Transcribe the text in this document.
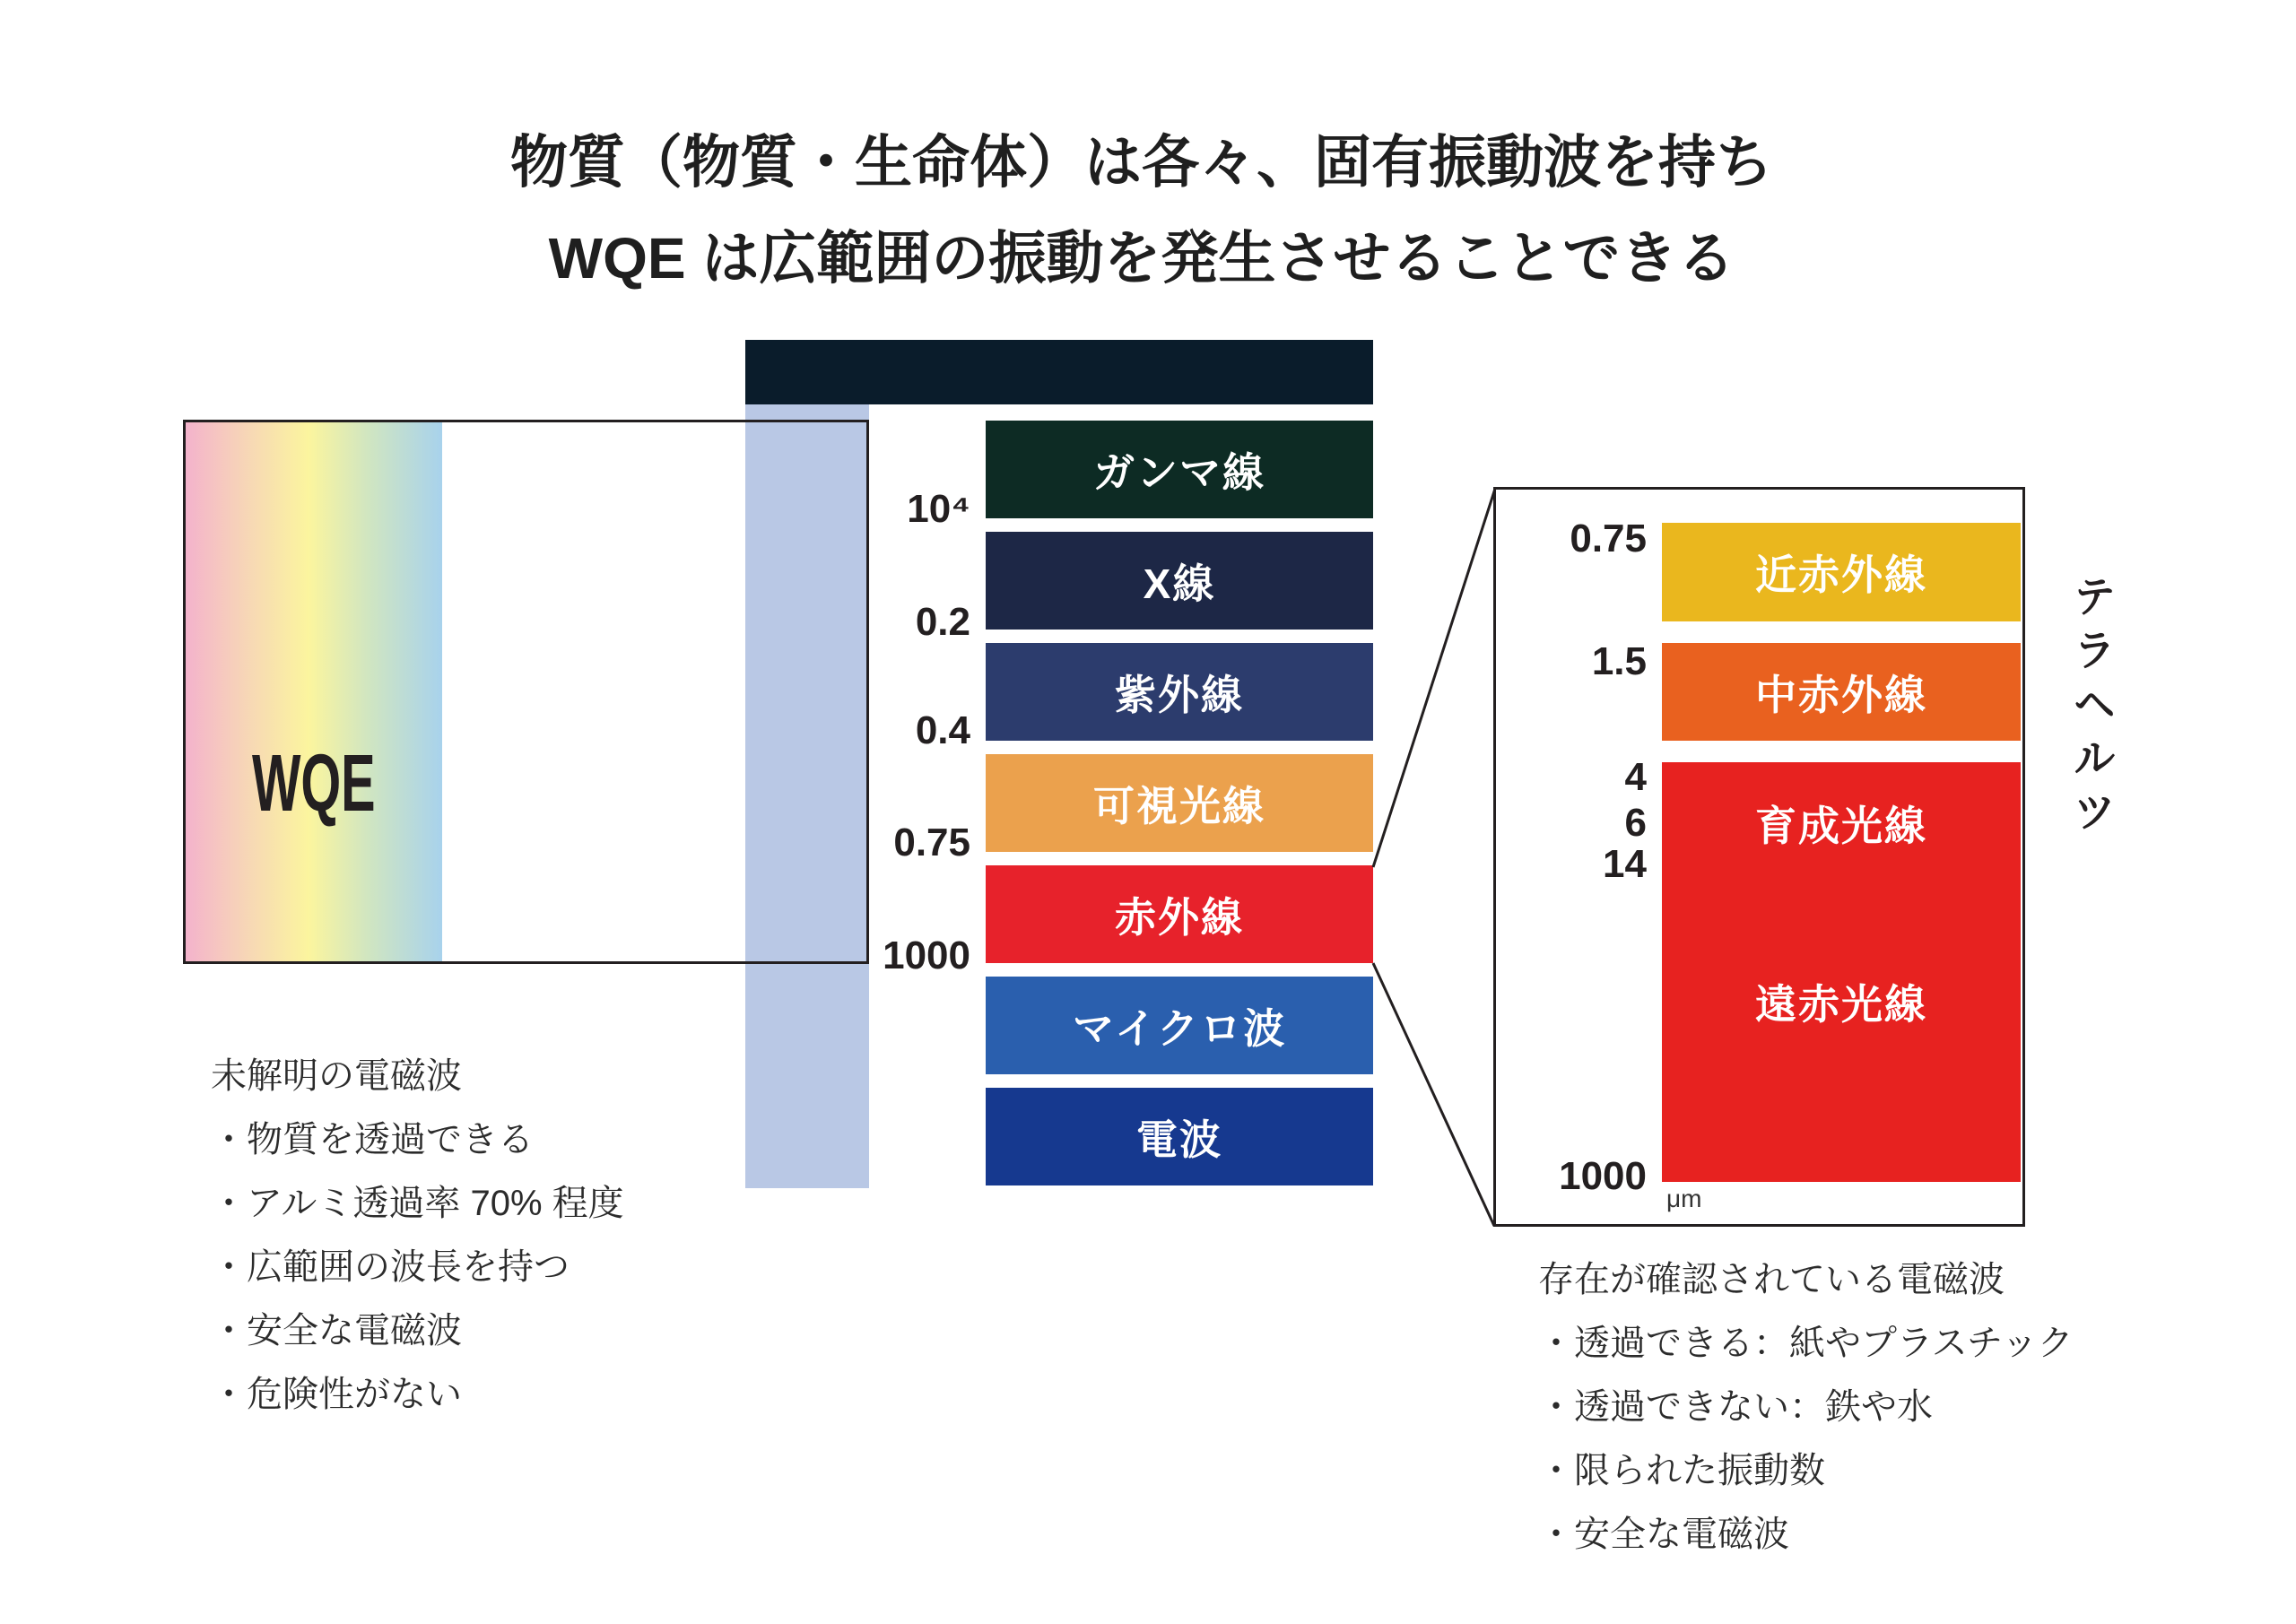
物質（物質・生命体）は各々、固有振動波を持ち
WQE は広範囲の振動を発生させることできる
WQE
10⁴
0.2
0.4
0.75
1000
ガンマ線
X線
紫外線
可視光線
赤外線
マイクロ波
電波
0.75
1.5
4
6
14
1000
近赤外線
中赤外線
育成光線
遠赤光線
μm
テラヘルツ
未解明の電磁波
・物質を透過できる
・アルミ透過率 70% 程度
・広範囲の波長を持つ
・安全な電磁波
・危険性がない
存在が確認されている電磁波
・透過できる：紙やプラスチック
・透過できない：鉄や水
・限られた振動数
・安全な電磁波
